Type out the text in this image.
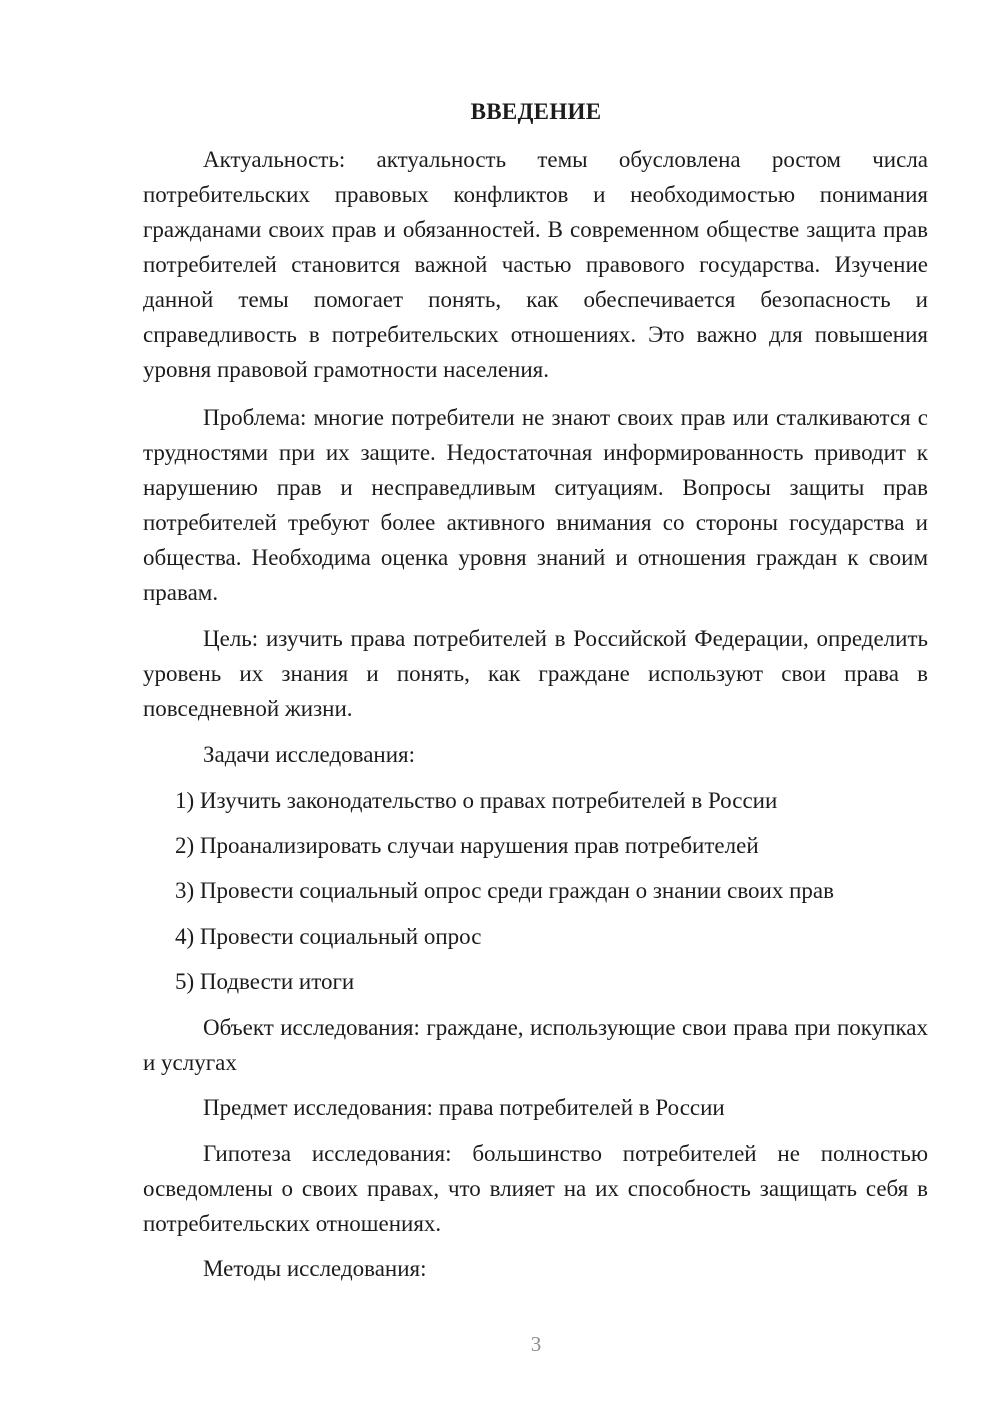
ВВЕДЕНИЕ

Актуальность: актуальность темы обусловлена ростом числа потребительских правовых конфликтов и необходимостью понимания гражданами своих прав и обязанностей. В современном обществе защита прав потребителей становится важной частью правового государства. Изучение данной темы помогает понять, как обеспечивается безопасность и справедливость в потребительских отношениях. Это важно для повышения уровня правовой грамотности населения.

Проблема: многие потребители не знают своих прав или сталкиваются с трудностями при их защите. Недостаточная информированность приводит к нарушению прав и несправедливым ситуациям. Вопросы защиты прав потребителей требуют более активного внимания со стороны государства и общества. Необходима оценка уровня знаний и отношения граждан к своим правам.

Цель: изучить права потребителей в Российской Федерации, определить уровень их знания и понять, как граждане используют свои права в повседневной жизни.

Задачи исследования:

1) Изучить законодательство о правах потребителей в России
2) Проанализировать случаи нарушения прав потребителей
3) Провести социальный опрос среди граждан о знании своих прав
4) Провести социальный опрос
5) Подвести итоги

Объект исследования: граждане, использующие свои права при покупках и услугах

Предмет исследования: права потребителей в России

Гипотеза исследования: большинство потребителей не полностью осведомлены о своих правах, что влияет на их способность защищать себя в потребительских отношениях.

Методы исследования:

3
